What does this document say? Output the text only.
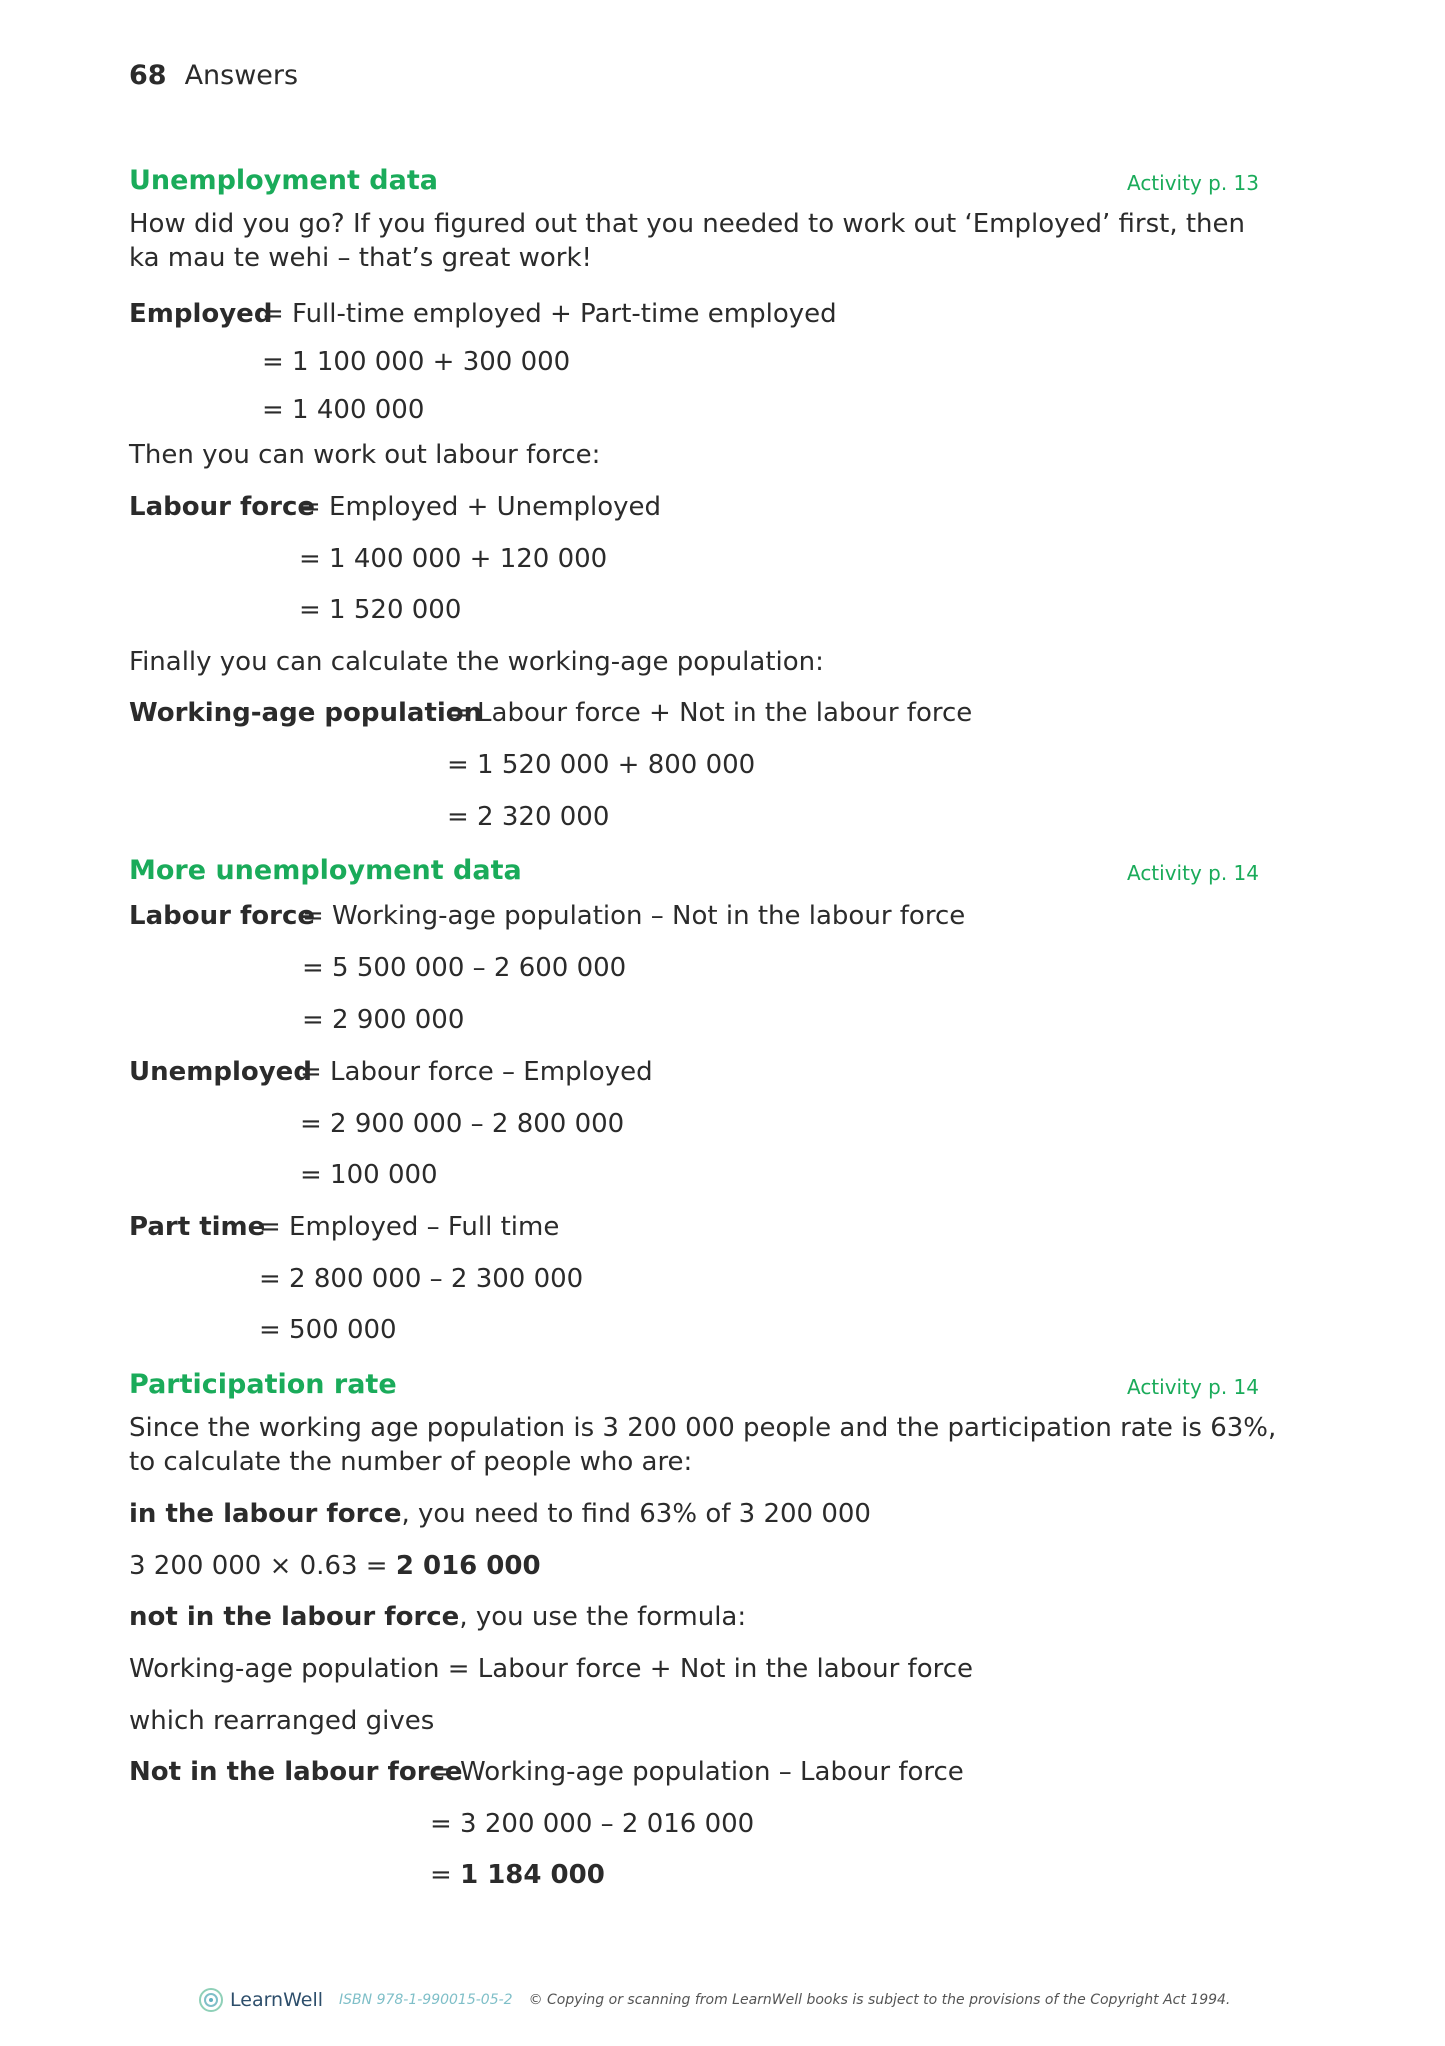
68 Answers
Unemployment data	Activity p. 13
How did you go? If you figured out that you needed to work out ‘Employed’ first, then ka mau te wehi – that’s great work!
Employed
= Full-time employed + Part-time employed
= 1 100 000 + 300 000
= 1 400 000
Then you can work out labour force:
Labour force
= Employed + Unemployed
= 1 400 000 + 120 000
= 1 520 000
Finally you can calculate the working-age population:
Working-age population
= Labour force + Not in the labour force
= 1 520 000 + 800 000
= 2 320 000
More unemployment data	Activity p. 14
Labour force
= Working-age population – Not in the labour force
= 5 500 000 – 2 600 000
= 2 900 000
Unemployed
= Labour force – Employed
= 2 900 000 – 2 800 000
= 100 000
Part time
= Employed – Full time
= 2 800 000 – 2 300 000
= 500 000
Participation rate	Activity p. 14
Since the working age population is 3 200 000 people and the participation rate is 63%, to calculate the number of people who are:
in the labour force, you need to find 63% of 3 200 000
3 200 000 × 0.63 = 2 016 000
not in the labour force, you use the formula:
Working-age population = Labour force + Not in the labour force
which rearranged gives
Not in the labour force
= Working-age population – Labour force
= 3 200 000 – 2 016 000
= 1 184 000
LearnWell ISBN 978-1-990015-05-2 © Copying or scanning from LearnWell books is subject to the provisions of the Copyright Act 1994.
